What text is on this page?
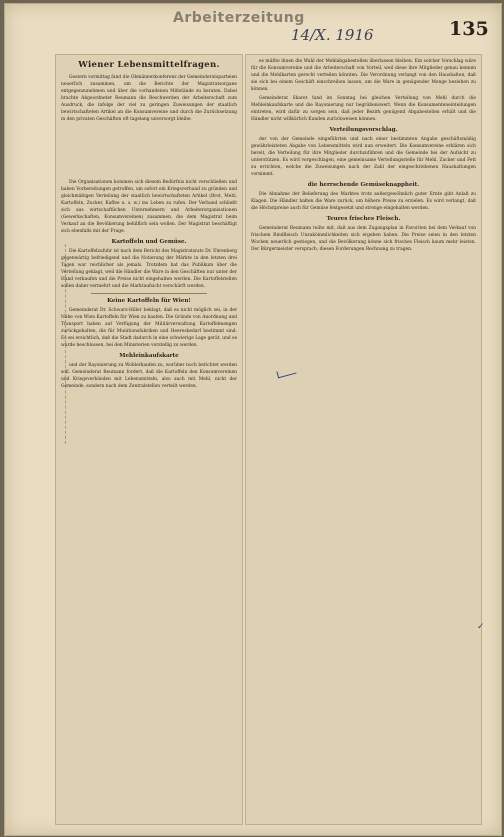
Arbeiterzeitung
14/X. 1916	135
Wiener Lebensmittelfragen.

Gestern vormittag fand die Obmännerkonferenz der Gemeinderatsparteien neuerlich zusammen, um die Berichte der Magistratsorgane entgegenzunehmen und über die vorhandenen Mißstände zu beraten. Dabei brachte Abgeordneter Reumann die Beschwerden der Arbeiterschaft zum Ausdruck, die infolge der viel zu geringen Zuweisungen der staatlich bewirtschafteten Artikel an die Konsumvereine und durch die Zurücksetzung in den privaten Geschäften oft tagelang unversorgt bleibe.

Die Organisationen kommen sich diesem Bedürfnis nicht verschließen und haben Vorbereitungen getroffen, um sofort ein Kriegsverband zu gründen und gleichmäßigen Verteilung der staatlich bewirtschafteten Artikel (Brot, Mehl, Kartoffeln, Zucker, Kaffee u. s. w.) ins Leben zu rufen. Der Verband schließt sich aus wirtschaftlichen Unternehmern und Arbeiterorganisationen (Gewerkschaften, Konsumvereinen) zusammen, die dem Magistrat beim Verkauf an die Bevölkerung behilflich sein wollen. Der Magistrat beschäftigt sich ebenfalls mit der Frage.

Kartoffeln und Gemüse.

Die Kartoffelzufuhr ist nach dem Bericht des Magistratsrats Dr. Ehrenberg gegenwärtig befriedigend und die Notierung der Märkte in den letzten drei Tagen war reichlicher als jemals. Trotzdem hat das Publikum über die Verteilung geklagt, weil die Händler die Ware in den Geschäften nur unter der Hand verkaufen und die Preise nicht eingehalten werden. Die Kartoffelstellen sollen daher vermehrt und die Marktaufsicht verschärft werden.

Keine Kartoffeln für Wien!

Gemeinderat Dr. Schwarz-Hiller beklagt, daß es nicht möglich sei, in der Nähe von Wien Kartoffeln für Wien zu kaufen. Die Gründe von Anordnung und Transport haben auf Verfügung der Militärverwaltung Kartoffelmengen zurückgehalten, die für Munitionsfabriken und Heeresbedarf bestimmt sind. Es sei ersichtlich, daß die Stadt dadurch in eine schwierige Lage gerät, und es wurde beschlossen, bei den Ministerien vorstellig zu werden.

Mehleinkaufskarte

und der Rayonierung zu Wohlerkaufen zu, worüber noch berichtet werden soll. Gemeinderat Reumann fordert, daß die Kartoffeln den Konsumvereinen und Kriegsverbänden mit Lebensmitteln, also auch mit Mehl, nicht der Gemeinde, sondern nach dem Zentralstellen verteilt werden.

es müßte ihnen die Wahl der Mehlabgabestellen überlassen bleiben. Ein solcher Vorschlag wäre für die Konsumvereine und die Arbeiterschaft von Vorteil, weil diese ihre Mitglieder genau kennen und die Mehlkarten gerecht verteilen könnten. Die Verordnung verlangt von den Haushalten, daß sie sich bei einem Geschäft einschreiben lassen, um die Ware in genügender Menge beziehen zu können.

Gemeinderat Skaret fand im Sonntag bei gleichen Verteilung von Mehl durch die Mehleinkaufskarte und die Rayonierung nur begrüßenswert. Wenn die Konsumenteneinteilungen eintreten, wird dafür zu sorgen sein, daß jeder Bezirk genügend Abgabestellen erhält und die Händler nicht willkürlich Kunden zurückweisen können.

Verteilungsvorschlag.

der von der Gemeinde eingeführten und nach einer bestimmten Angabe geschäftsmäßig gewährleisteten Abgabe von Lebensmitteln wird nun erweitert. Die Konsumvereine erklären sich bereit, die Verteilung für ihre Mitglieder durchzuführen und die Gemeinde bei der Aufsicht zu unterstützen. Es wird vorgeschlagen, eine gemeinsame Verteilungsstelle für Mehl, Zucker und Fett zu errichten, welche die Zuweisungen nach der Zahl der eingeschriebenen Haushaltungen vornimmt.

die herrschende Gemüseknappheit.

Die Abnahme der Belieferung des Marktes trotz außergewöhnlich guter Ernte gibt Anlaß zu Klagen. Die Händler halten die Ware zurück, um höhere Preise zu erzielen. Es wird verlangt, daß die Höchstpreise auch für Gemüse festgesetzt und strenge eingehalten werden.

Teures frisches Fleisch.

Gemeinderat Reumann teilte mit, daß aus dem Zugangsplan in Favoriten bei dem Verkauf von frischem Rindfleisch Unzukömmlichkeiten sich ergeben haben. Die Preise seien in den letzten Wochen neuerlich gestiegen, und die Bevölkerung könne sich frisches Fleisch kaum mehr leisten. Der Bürgermeister versprach, diesen Forderungen Rechnung zu tragen.

✓
